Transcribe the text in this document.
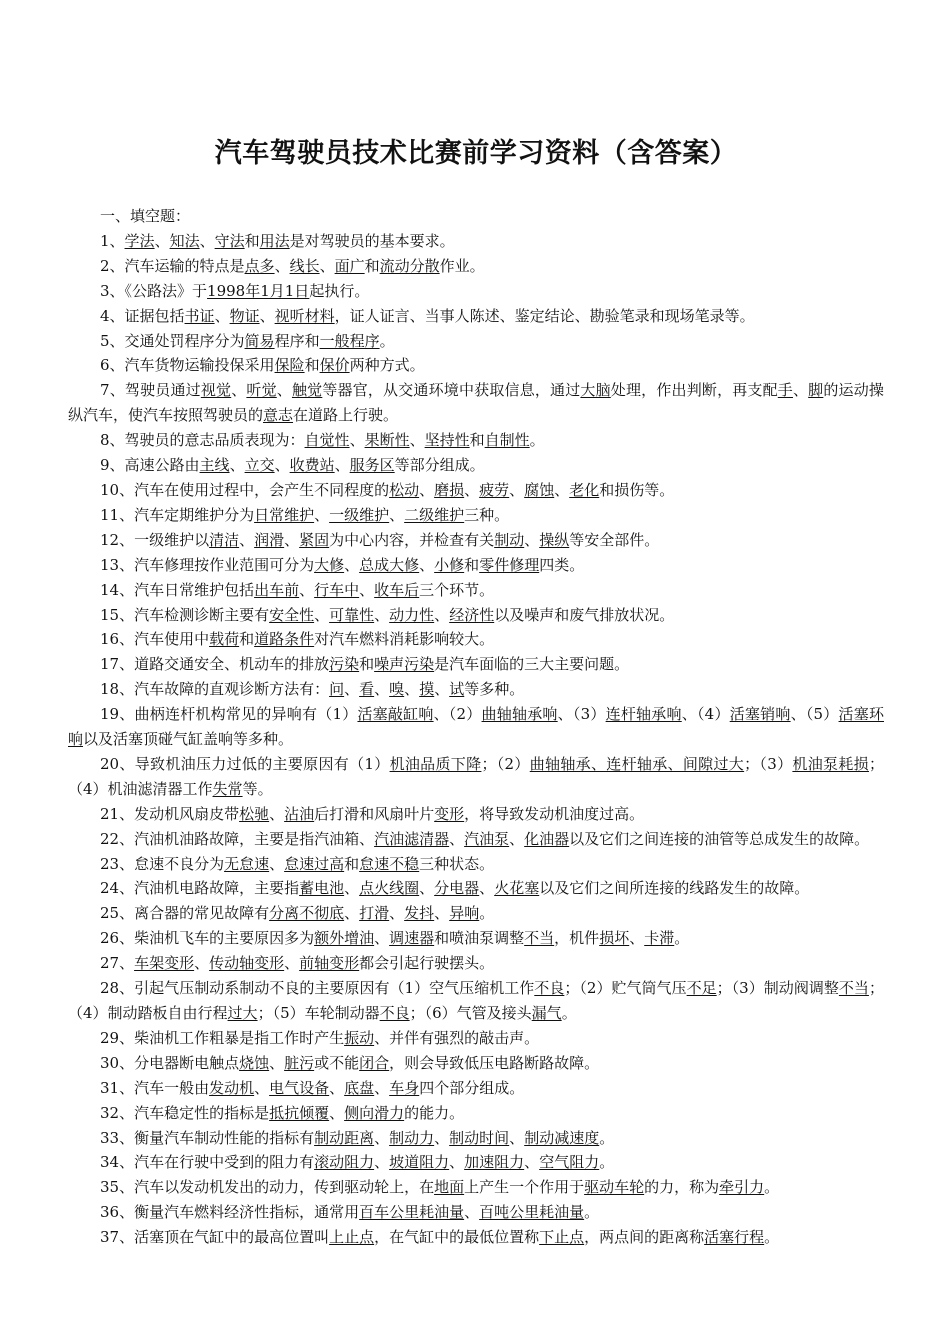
汽车驾驶员技术比赛前学习资料（含答案）

一、填空题：

1、学法、知法、守法和用法是对驾驶员的基本要求。

2、汽车运输的特点是点多、线长、面广和流动分散作业。

3、《公路法》于1998年1月1日起执行。

4、证据包括书证、物证、视听材料，证人证言、当事人陈述、鉴定结论、勘验笔录和现场笔录等。

5、交通处罚程序分为简易程序和一般程序。

6、汽车货物运输投保采用保险和保价两种方式。

7、驾驶员通过视觉、听觉、触觉等器官，从交通环境中获取信息，通过大脑处理，作出判断，再支配手、脚的运动操纵汽车，使汽车按照驾驶员的意志在道路上行驶。

8、驾驶员的意志品质表现为：自觉性、果断性、坚持性和自制性。

9、高速公路由主线、立交、收费站、服务区等部分组成。

10、汽车在使用过程中，会产生不同程度的松动、磨损、疲劳、腐蚀、老化和损伤等。

11、汽车定期维护分为日常维护、一级维护、二级维护三种。

12、一级维护以清洁、润滑、紧固为中心内容，并检查有关制动、操纵等安全部件。

13、汽车修理按作业范围可分为大修、总成大修、小修和零件修理四类。

14、汽车日常维护包括出车前、行车中、收车后三个环节。

15、汽车检测诊断主要有安全性、可靠性、动力性、经济性以及噪声和废气排放状况。

16、汽车使用中载荷和道路条件对汽车燃料消耗影响较大。

17、道路交通安全、机动车的排放污染和噪声污染是汽车面临的三大主要问题。

18、汽车故障的直观诊断方法有：问、看、嗅、摸、试等多种。

19、曲柄连杆机构常见的异响有（1）活塞敲缸响、（2）曲轴轴承响、（3）连杆轴承响、（4）活塞销响、（5）活塞环响以及活塞顶碰气缸盖响等多种。

20、导致机油压力过低的主要原因有（1）机油品质下降；（2）曲轴轴承、连杆轴承、间隙过大；（3）机油泵耗损；（4）机油滤清器工作失常等。

21、发动机风扇皮带松驰、沾油后打滑和风扇叶片变形，将导致发动机油度过高。

22、汽油机油路故障，主要是指汽油箱、汽油滤清器、汽油泵、化油器以及它们之间连接的油管等总成发生的故障。

23、怠速不良分为无怠速、怠速过高和怠速不稳三种状态。

24、汽油机电路故障，主要指蓄电池、点火线圈、分电器、火花塞以及它们之间所连接的线路发生的故障。

25、离合器的常见故障有分离不彻底、打滑、发抖、异响。

26、柴油机飞车的主要原因多为额外增油、调速器和喷油泵调整不当，机件损坏、卡滞。

27、车架变形、传动轴变形、前轴变形都会引起行驶摆头。

28、引起气压制动系制动不良的主要原因有（1）空气压缩机工作不良；（2）贮气筒气压不足；（3）制动阀调整不当；（4）制动踏板自由行程过大；（5）车轮制动器不良；（6）气管及接头漏气。

29、柴油机工作粗暴是指工作时产生振动、并伴有强烈的敲击声。

30、分电器断电触点烧蚀、脏污或不能闭合，则会导致低压电路断路故障。

31、汽车一般由发动机、电气设备、底盘、车身四个部分组成。

32、汽车稳定性的指标是抵抗倾覆、侧向滑力的能力。

33、衡量汽车制动性能的指标有制动距离、制动力、制动时间、制动减速度。

34、汽车在行驶中受到的阻力有滚动阻力、坡道阻力、加速阻力、空气阻力。

35、汽车以发动机发出的动力，传到驱动轮上，在地面上产生一个作用于驱动车轮的力，称为牵引力。

36、衡量汽车燃料经济性指标，通常用百车公里耗油量、百吨公里耗油量。

37、活塞顶在气缸中的最高位置叫上止点，在气缸中的最低位置称下止点，两点间的距离称活塞行程。
